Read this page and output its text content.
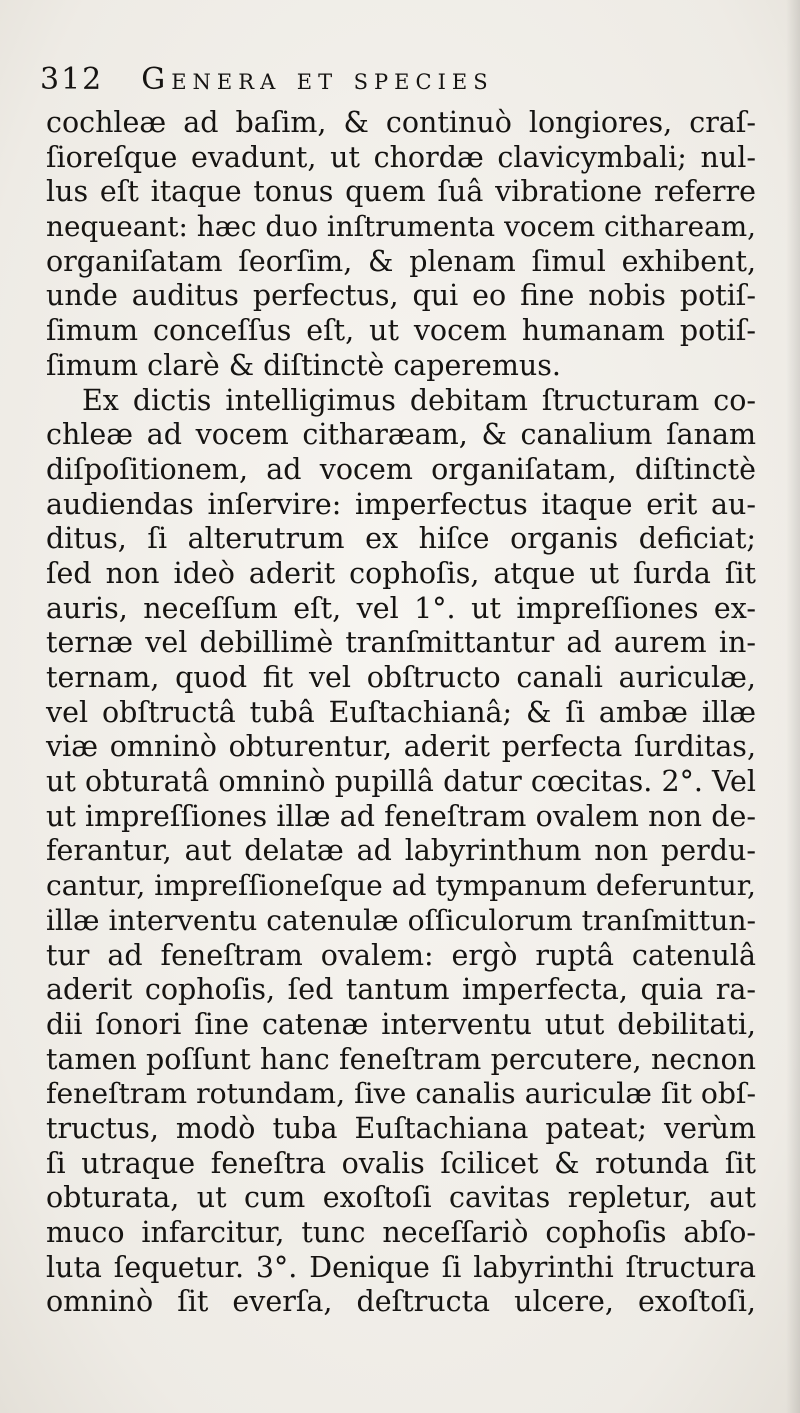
312 Genera et species
cochleæ ad baſim, & continuò longiores, craſ-
ſioreſque evadunt, ut chordæ clavicymbali; nul-
lus eſt itaque tonus quem ſuâ vibratione referre
nequeant: hæc duo inſtrumenta vocem cithaream,
organiſatam ſeorſim, & plenam ſimul exhibent,
unde auditus perfectus, qui eo fine nobis potiſ-
ſimum conceſſus eſt, ut vocem humanam potiſ-
ſimum clarè & diſtinctè caperemus.
Ex dictis intelligimus debitam ſtructuram co-
chleæ ad vocem citharæam, & canalium ſanam
diſpoſitionem, ad vocem organiſatam, diſtinctè
audiendas inſervire: imperfectus itaque erit au-
ditus, ſi alterutrum ex hiſce organis deficiat;
ſed non ideò aderit cophoſis, atque ut ſurda ſit
auris, neceſſum eſt, vel 1°. ut impreſſiones ex-
ternæ vel debillimè tranſmittantur ad aurem in-
ternam, quod fit vel obſtructo canali auriculæ,
vel obſtructâ tubâ Euſtachianâ; & ſi ambæ illæ
viæ omninò obturentur, aderit perfecta ſurditas,
ut obturatâ omninò pupillâ datur cœcitas. 2°. Vel
ut impreſſiones illæ ad feneſtram ovalem non de-
ferantur, aut delatæ ad labyrinthum non perdu-
cantur, impreſſioneſque ad tympanum deferuntur,
illæ interventu catenulæ oſſiculorum tranſmittun-
tur ad feneſtram ovalem: ergò ruptâ catenulâ
aderit cophoſis, ſed tantum imperfecta, quia ra-
dii ſonori ſine catenæ interventu utut debilitati,
tamen poſſunt hanc feneſtram percutere, necnon
feneſtram rotundam, ſive canalis auriculæ ſit obſ-
tructus, modò tuba Euſtachiana pateat; verùm
ſi utraque feneſtra ovalis ſcilicet & rotunda ſit
obturata, ut cum exoſtoſi cavitas repletur, aut
muco infarcitur, tunc neceſſariò cophoſis abſo-
luta ſequetur. 3°. Denique ſi labyrinthi ſtructura
omninò ſit everſa, deſtructa ulcere, exoſtoſi,
